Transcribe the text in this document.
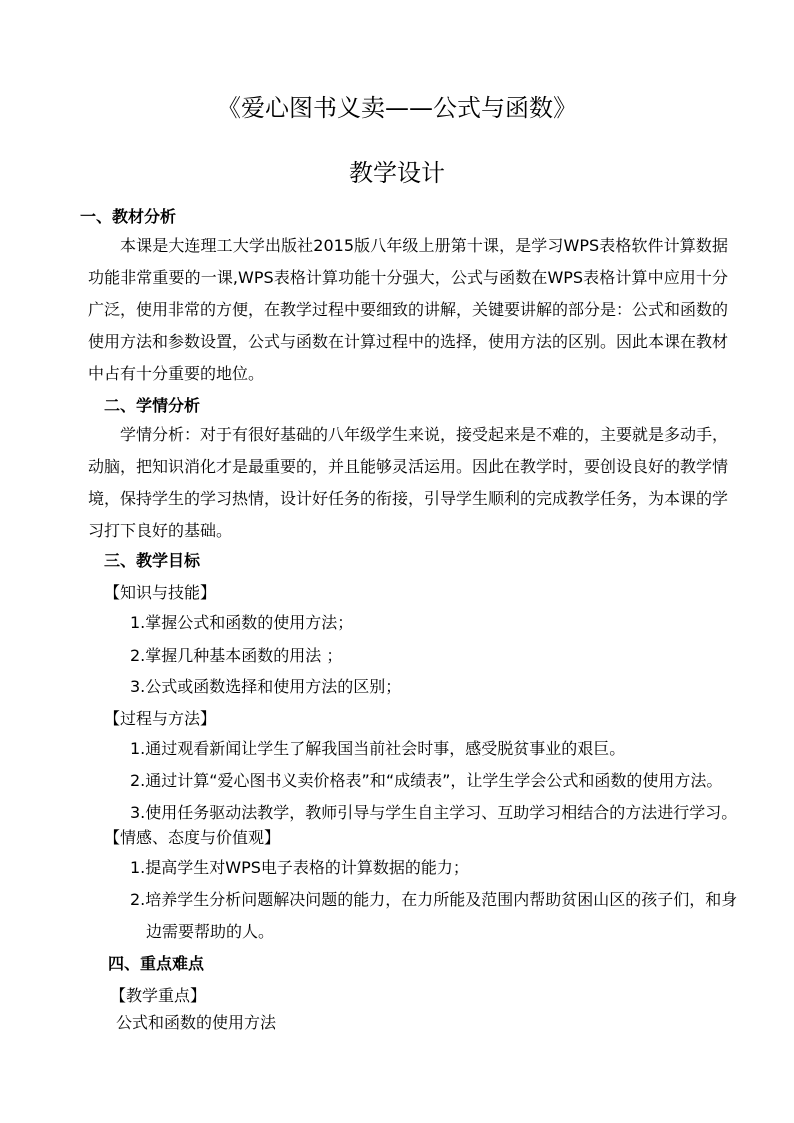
《爱心图书义卖——公式与函数》
教学设计
一、教材分析

本课是大连理工大学出版社2015版八年级上册第十课，是学习WPS表格软件计算数据功能非常重要的一课,WPS表格计算功能十分强大，公式与函数在WPS表格计算中应用十分广泛，使用非常的方便，在教学过程中要细致的讲解，关键要讲解的部分是：公式和函数的使用方法和参数设置，公式与函数在计算过程中的选择，使用方法的区别。因此本课在教材中占有十分重要的地位。

二、学情分析

学情分析：对于有很好基础的八年级学生来说，接受起来是不难的，主要就是多动手，动脑，把知识消化才是最重要的，并且能够灵活运用。因此在教学时，要创设良好的教学情境，保持学生的学习热情，设计好任务的衔接，引导学生顺利的完成教学任务，为本课的学习打下良好的基础。

三、教学目标
【知识与技能】
1.掌握公式和函数的使用方法；
2.掌握几种基本函数的用法 ；
3.公式或函数选择和使用方法的区别；
【过程与方法】
1.通过观看新闻让学生了解我国当前社会时事，感受脱贫事业的艰巨。
2.通过计算“爱心图书义卖价格表”和“成绩表”，让学生学会公式和函数的使用方法。
3.使用任务驱动法教学，教师引导与学生自主学习、互助学习相结合的方法进行学习。
【情感、态度与价值观】
1.提高学生对WPS电子表格的计算数据的能力；

2.培养学生分析问题解决问题的能力，在力所能及范围内帮助贫困山区的孩子们，和身边需要帮助的人。

四、重点难点
【教学重点】
公式和函数的使用方法
